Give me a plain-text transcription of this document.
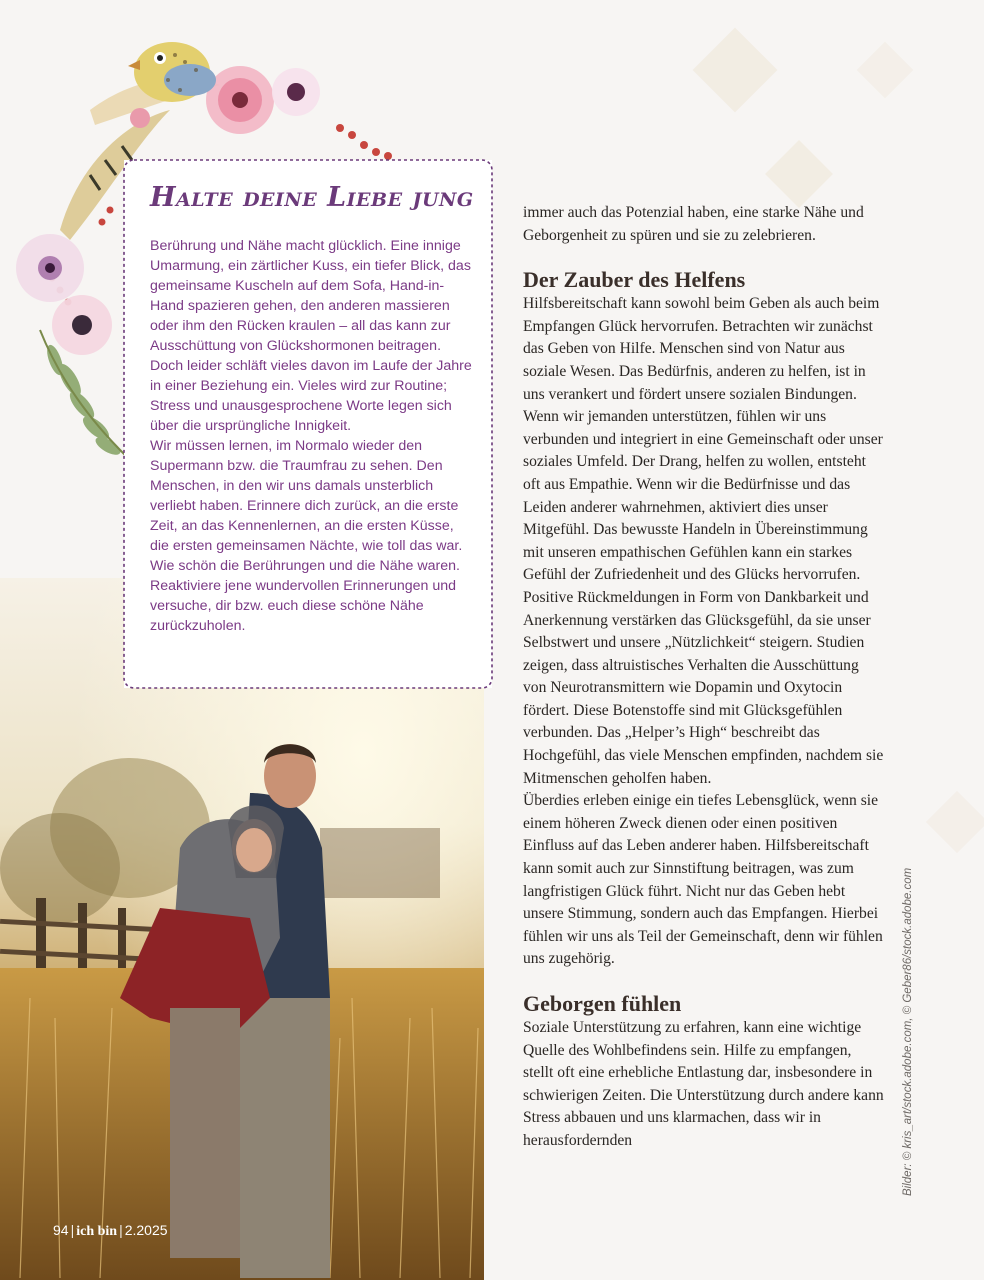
Halte deine Liebe jung

Berührung und Nähe macht glücklich. Eine innige Umarmung, ein zärtlicher Kuss, ein tiefer Blick, das gemeinsame Kuscheln auf dem Sofa, Hand-in-Hand spazieren gehen, den anderen massieren oder ihm den Rücken kraulen – all das kann zur Ausschüttung von Glückshormonen beitragen. Doch leider schläft vieles davon im Laufe der Jahre in einer Beziehung ein. Vieles wird zur Routine; Stress und unausgesprochene Worte legen sich über die ursprüngliche Innigkeit.

Wir müssen lernen, im Normalo wieder den Supermann bzw. die Traumfrau zu sehen. Den Menschen, in den wir uns damals unsterblich verliebt haben. Erinnere dich zurück, an die erste Zeit, an das Kennenlernen, an die ersten Küsse, die ersten gemeinsamen Nächte, wie toll das war. Wie schön die Berührungen und die Nähe waren. Reaktiviere jene wundervollen Erinnerungen und versuche, dir bzw. euch diese schöne Nähe zurückzuholen.

immer auch das Potenzial haben, eine starke Nähe und Geborgenheit zu spüren und sie zu zelebrieren.

Der Zauber des Helfens

Hilfsbereitschaft kann sowohl beim Geben als auch beim Empfangen Glück hervorrufen. Betrachten wir zunächst das Geben von Hilfe. Menschen sind von Natur aus soziale Wesen. Das Bedürfnis, anderen zu helfen, ist in uns verankert und fördert unsere sozialen Bindungen. Wenn wir jemanden unterstützen, fühlen wir uns verbunden und integriert in eine Gemeinschaft oder unser soziales Umfeld. Der Drang, helfen zu wollen, entsteht oft aus Empathie. Wenn wir die Bedürfnisse und das Leiden anderer wahrnehmen, aktiviert dies unser Mitgefühl. Das bewusste Handeln in Übereinstimmung mit unseren empathischen Gefühlen kann ein starkes Gefühl der Zufriedenheit und des Glücks hervorrufen. Positive Rückmeldungen in Form von Dankbarkeit und Anerkennung verstärken das Glücksgefühl, da sie unser Selbstwert und unsere „Nützlichkeit“ steigern. Studien zeigen, dass altruistisches Verhalten die Ausschüttung von Neurotransmittern wie Dopamin und Oxytocin fördert. Diese Botenstoffe sind mit Glücksgefühlen verbunden. Das „Helper’s High“ beschreibt das Hochgefühl, das viele Menschen empfinden, nachdem sie Mitmenschen geholfen haben.

Überdies erleben einige ein tiefes Lebensglück, wenn sie einem höheren Zweck dienen oder einen positiven Einfluss auf das Leben anderer haben. Hilfsbereitschaft kann somit auch zur Sinnstiftung beitragen, was zum langfristigen Glück führt. Nicht nur das Geben hebt unsere Stimmung, sondern auch das Empfangen. Hierbei fühlen wir uns als Teil der Gemeinschaft, denn wir fühlen uns zugehörig.

Geborgen fühlen

Soziale Unterstützung zu erfahren, kann eine wichtige Quelle des Wohlbefindens sein. Hilfe zu empfangen, stellt oft eine erhebliche Entlastung dar, insbesondere in schwierigen Zeiten. Die Unterstützung durch andere kann Stress abbauen und uns klarmachen, dass wir in herausfordernden	Bilder: © kris_art/stock.adobe.com, © Geber86/stock.adobe.com
94 | ich bin | 2.2025
